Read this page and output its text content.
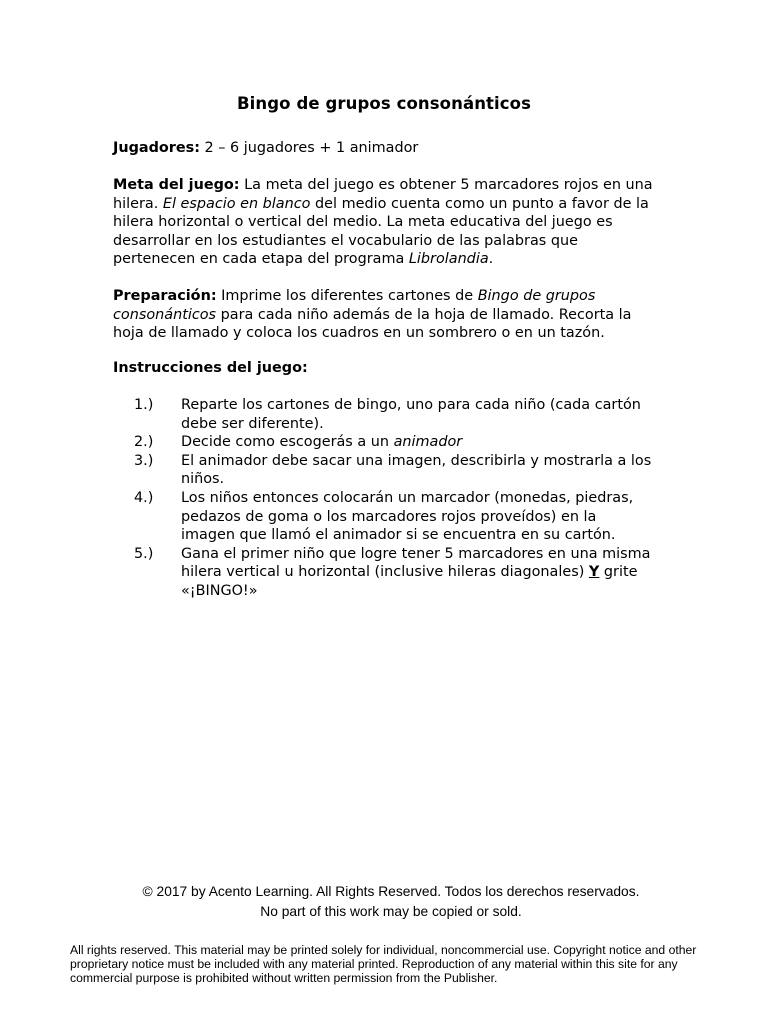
Bingo de grupos consonánticos
Jugadores: 2 – 6 jugadores + 1 animador
Meta del juego: La meta del juego es obtener 5 marcadores rojos en una hilera. El espacio en blanco del medio cuenta como un punto a favor de la hilera horizontal o vertical del medio. La meta educativa del juego es desarrollar en los estudiantes el vocabulario de las palabras que pertenecen en cada etapa del programa Librolandia.
Preparación: Imprime los diferentes cartones de Bingo de grupos consonánticos para cada niño además de la hoja de llamado. Recorta la hoja de llamado y coloca los cuadros en un sombrero o en un tazón.
Instrucciones del juego:
1.) Reparte los cartones de bingo, uno para cada niño (cada cartón debe ser diferente).
2.) Decide como escogerás a un animador
3.) El animador debe sacar una imagen, describirla y mostrarla a los niños.
4.) Los niños entonces colocarán un marcador (monedas, piedras, pedazos de goma o los marcadores rojos proveídos) en la imagen que llamó el animador si se encuentra en su cartón.
5.) Gana el primer niño que logre tener 5 marcadores en una misma hilera vertical u horizontal (inclusive hileras diagonales) Y grite «¡BINGO!»
© 2017 by Acento Learning. All Rights Reserved. Todos los derechos reservados.
No part of this work may be copied or sold.
All rights reserved. This material may be printed solely for individual, noncommercial use. Copyright notice and other proprietary notice must be included with any material printed. Reproduction of any material within this site for any commercial purpose is prohibited without written permission from the Publisher.
